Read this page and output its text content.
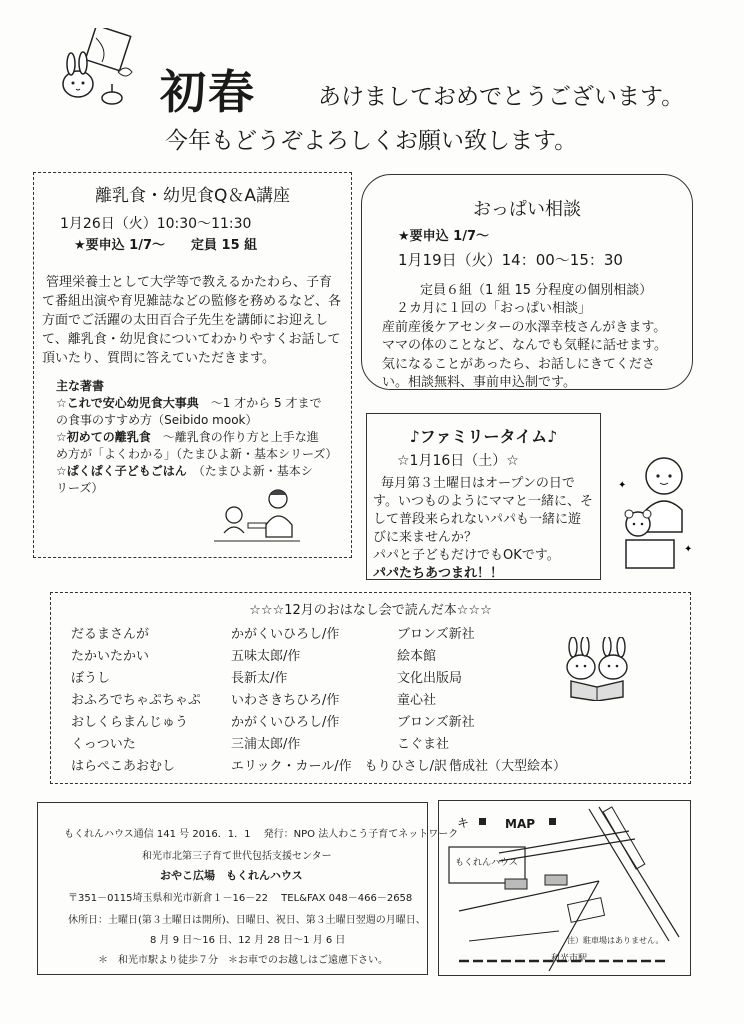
初春	あけましておめでとうございます。
今年もどうぞよろしくお願い致します。
離乳食・幼児食Q＆A講座
1月26日（火）10:30～11:30
★要申込 1/7～　　定員 15 組
管理栄養士として大学等で教えるかたわら、子育
て番組出演や育児雑誌などの監修を務めるなど、各
方面でご活躍の太田百合子先生を講師にお迎えし
て、離乳食・幼児食についてわかりやすくお話して
頂いたり、質問に答えていただきます。
主な著書
☆これで安心幼児食大事典　～1 才から 5 才まで
の食事のすすめ方（Seibido mook）
☆初めての離乳食　～離乳食の作り方と上手な進
め方が「よくわかる」（たまひよ新・基本シリーズ）
☆ぱくぱく子どもごはん　（たまひよ新・基本シ
リーズ）
おっぱい相談
★要申込 1/7～
1月19日（火）14：00～15：30
定員６組（1 組 15 分程度の個別相談）
２カ月に１回の「おっぱい相談」
産前産後ケアセンターの水澤幸枝さんがきます。
ママの体のことなど、なんでも気軽に話せます。
気になることがあったら、お話しにきてくださ
い。相談無料、事前申込制です。
♪ファミリータイム♪
☆1月16日（土）☆
毎月第３土曜日はオープンの日で
す。いつものようにママと一緒に、そ
して普段来られないパパも一緒に遊
びに来ませんか？
パパと子どもだけでもOKです。
パパたちあつまれ！！
✦
✦
☆☆☆12月のおはなし会で読んだ本☆☆☆
だるまさんが	かがくいひろし/作	ブロンズ新社
たかいたかい	五味太郎/作	絵本館
ぼうし	長新太/作	文化出版局
おふろでちゃぷちゃぷ いわさきちひろ/作	童心社
おしくらまんじゅう	かがくいひろし/作	ブロンズ新社
くっついた	三浦太郎/作	こぐま社
はらぺこあおむし	エリック・カール/作　もりひさし/訳 偕成社（大型絵本）
もくれんハウス通信 141 号 2016．1．1　 発行：NPO 法人わこう子育てネットワーク
和光市北第三子育て世代包括支援センター
おやこ広場　もくれんハウス
〒351－0115埼玉県和光市新倉１－16－22　 TEL&FAX 048－466－2658
休所日：土曜日(第３土曜日は開所)、日曜日、祝日、第３土曜日翌週の月曜日、
8 月 9 日～16 日、12 月 28 日～1 月 6 日
＊　和光市駅より徒歩７分　＊お車でのお越しはご遠慮下さい。
キ	MAP
もくれんハウス
注）駐車場はありません。
和光市駅
